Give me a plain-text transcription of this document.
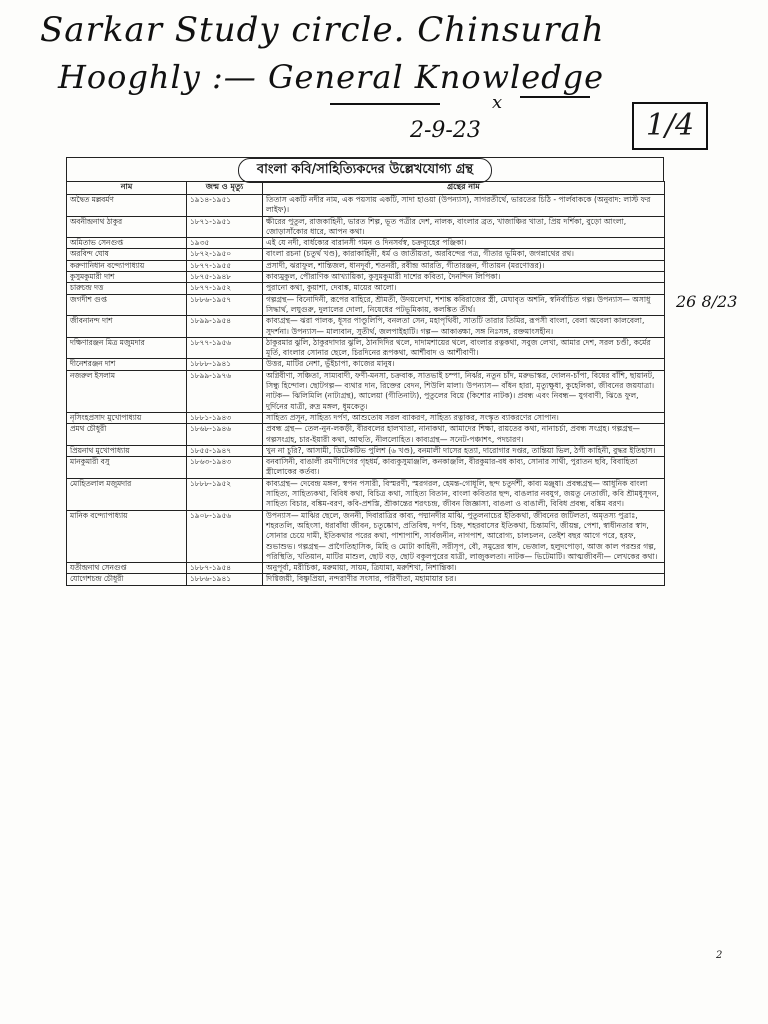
Sarkar Study circle. Chinsurah
Hooghly :— General Knowledge
x
2-9-23	1/4
26 8/23
বাংলা কবি/সাহিত্যিকদের উল্লেখযোগ্য গ্রন্থ
নাম	জন্ম ও মৃত্যু	গ্রন্থের নাম
অদ্বৈত মল্লবর্মণ	১৯১৪-১৯৫১	তিতাস একটি নদীর নাম, এক পয়সায় একটি, সাদা হাওয়া (উপন্যাস), সাগরতীর্থে, ভারতের চিঠি - পার্লবাককে (অনুবাদ: লাস্ট ফর লাইফ)।
অবনীন্দ্রনাথ ঠাকুর	১৮৭১-১৯৫১	ক্ষীরের পুতুল, রাজকাহিনী, ভারত শিল্প, ভূত পত্রীর দেশ, নালক, বাংলার ব্রত, খাজাঞ্চির খাতা, প্রিয় দর্শিকা, বুড়ো আংলা, জোড়াসাঁকোর ধারে, আপন কথা।
অমিতাভ সেনগুপ্ত	১৯৩৫	এই যে নদী, বার্ধক্যের বারানসী গমন ও দিনসর্বস্ব, চক্রব্যূহের পঞ্জিকা।
অরবিন্দ ঘোষ	১৮৭২-১৯৫০	বাংলা রচনা (চতুর্থ খণ্ড), কারাকাহিনী, ধর্ম ও জাতীয়তা, অরবিন্দের পত্র, গীতার ভূমিকা, জগন্নাথের রথ।
করুণানিধান বন্দ্যোপাধ্যায়	১৮৭৭-১৯৫৫	প্রসাদী, ঝরাফুল, শান্তিজল, ধানদূর্বা, শতনরী, রবীন্দ্র আরতি, গীতারঞ্জন, গীতায়ন (মরণোত্তর)।
কুসুমকুমারী দাশ	১৮৭৫-১৯৪৮	কাব্যমুকুল, পৌরাণিক আখ্যায়িকা, কুসুমকুমারী দাশের কবিতা, দৈনন্দিন লিপিকা।
চারুচন্দ্র দত্ত	১৮৭৭-১৯৫২	পুরানো কথা, কুয়াশা, দেবাঙ্ক, মায়ের আলো।
জগদীশ গুপ্ত	১৮৮৬-১৯৫৭	গল্পগ্রন্থ— বিনোদিনী, রূপের বাহিরে, শ্রীমতী, উদয়লেখা, শশাঙ্ক কবিরাজের স্ত্রী, মেঘাবৃত অশনি, স্বনির্বাচিত গল্প। উপন্যাস— অসাধু সিদ্ধার্থ, লঘুগুরু, দুলালের দোলা, নিষেধের পটভূমিকায়, কলঙ্কিত তীর্থ।
জীবনানন্দ দাশ	১৮৯৯-১৯৫৪	কাব্যগ্রন্থ— ঝরা পালক, ধূসর পাণ্ডুলিপি, বনলতা সেন, মহাপৃথিবী, সাতটি তারার তিমির, রূপসী বাংলা, বেলা অবেলা কালবেলা, সুদর্শনা। উপন্যাস— মাল্যবান, সুতীর্থ, জলপাইহাটি। গল্প— আকাঙ্ক্ষা, সঙ্গ নিঃসঙ্গ, রক্তমাংসহীন।
দক্ষিণারঞ্জন মিত্র মজুমদার	১৮৭৭-১৯৫৬	ঠাকুরমার ঝুলি, ঠাকুরদাদার ঝুলি, ঠানদিদির থলে, দাদামশায়ের থলে, বাংলার রত্নকথা, সবুজ লেখা, আমার দেশ, সরল চণ্ডী, কর্মের মূর্তি, বাংলার সোনার ছেলে, চিরদিনের রূপকথা, আর্শীবাদ ও আর্শীবাণী।
দীনেশরঞ্জন দাশ	১৮৮৮-১৯৪১	উত্তর, মাটির নেশা, ভুঁইচাপা, কাজের মানুষ।
নজরুল ইসলাম	১৮৯৯-১৯৭৬	অগ্নিবীণা, সঞ্চিতা, সাম্যবাদী, ফণী-মনসা, চক্রবাক, সাতভাই চম্পা, নির্ঝর, নতুন চাঁদ, মরুভাস্কর, দোলন-চাঁপা, বিষের বাঁশি, ছায়ানট, সিন্ধু হিন্দোল। ছোটগল্প— ব্যথার দান, রিক্তের বেদন, শিউলি মালা। উপন্যাস— বাঁধন হারা, মৃত্যুক্ষুধা, কুহেলিকা, জীবনের জয়যাত্রা। নাটক— ঝিলিমিলি (নাট্যগ্রন্থ), আলেয়া (গীতিনাট্য), পুতুলের বিয়ে (কিশোর নাটক)। প্রবন্ধ এবং নিবন্ধ— যুগবাণী, ঝিঙে ফুল, দুর্দিনের যাত্রী, রুদ্র মঙ্গল, ধূমকেতু।
নৃসিংহপ্রসাদ মুখোপাধ্যায়	১৮৮১-১৯৪৩	সাহিত্য প্রসূন, সাহিত্য দর্পণ, আশুতোষ সরল ব্যাকরণ, সাহিত্য রত্নাকর, সংস্কৃত ব্যাকরণের সোপান।
প্রমথ চৌধুরী	১৮৬৮-১৯৪৬	প্রবন্ধ গ্রন্থ— তেল-নুন-লকড়ী, বীরবলের হালখাতা, নানাকথা, আমাদের শিক্ষা, রায়তের কথা, নানাচর্চা, প্রবন্ধ সংগ্রহ। গল্পগ্রন্থ— গল্পসংগ্রহ, চার-ইয়ারী কথা, আহুতি, নীললোহিত। কাব্যগ্রন্থ— সনেট-পঞ্চাশৎ, পদচারণ।
প্রিয়নাথ মুখোপাধ্যায়	১৮৫৫-১৯৪৭	খুন না চুরি?, আসামী, ডিটেকটিভ পুলিশ (৬ খণ্ড), বনমালী দাসের হত্যা, দারোগার দপ্তর, তান্তিয়া ভিল, ঠগী কাহিনী, বুদ্ধর ইতিহাস।
মানকুমারী বসু	১৮৬৩-১৯৪৩	বনবাসিনী, বাঙালী রমণীদিগের গৃহধর্ম, কাব্যকুসুমাঞ্জলি, কনকাঞ্জলি, বীরকুমার-বধ কাব্য, সোনার সাথী, পুরাতন ছবি, বিবাহিতা স্ত্রীলোকের কর্তব্য।
মোহিতলাল মজুমদার	১৮৮৮-১৯৫২	কাব্যগ্রন্থ— দেবেন্দ্র মঙ্গল, স্বপন পসারী, বিস্মরণী, স্মরগরল, হেমন্ত-গোধূলি, ছন্দ চতুর্দশী, কাব্য মঞ্জুষা। প্রবন্ধগ্রন্থ— আধুনিক বাংলা সাহিত্য, সাহিত্যকথা, বিবিধ কথা, বিচিত্র কথা, সাহিত্য বিতান, বাংলা কবিতার ছন্দ, বাঙলার নবযুগ, জয়তু নেতাজী, কবি শ্রীমধুসূদন, সাহিত্য বিচার, বঙ্কিম-বরণ, কবি-প্রশস্তি, শ্রীকান্তের শরৎচন্দ্র, জীবন জিজ্ঞাসা, বাঙলা ও বাঙালী, বিবিধ প্রবন্ধ, বঙ্কিম বরণ।
মানিক বন্দ্যোপাধ্যায়	১৯০৮-১৯৫৬	উপন্যাস— মাঝির ছেলে, জননী, দিবারাত্রির কাব্য, পদ্মানদীর মাঝি, পুতুলনাচের ইতিকথা, জীবনের জটিলতা, অমৃতস্য পুত্রাঃ, শহরতলি, অহিংসা, ধরাবাঁধা জীবন, চতুষ্কোণ, প্রতিবিম্ব, দর্পণ, চিহ্ন, শহরবাসের ইতিকথা, চিন্তামণি, জীয়ন্ত, পেশা, স্বাধীনতার স্বাদ, সোনার চেয়ে দামী, ইতিকথার পরের কথা, পাশাপাশি, সার্বজনীন, নাগপাশ, আরোগ্য, চালচলন, তেইশ বছর আগে পরে, হরফ, শুভাশুভ। গল্পগ্রন্থ— প্রাগৈতিহাসিক, মিহি ও মোটা কাহিনী, সরীসৃপ, বৌ, সমুদ্রের স্বাদ, ভেজাল, হলুদপোড়া, আজ কাল পরশুর গল্প, পরিস্থিতি, খতিয়ান, মাটির মাশুল, ছোট বড়, ছোট বকুলপুরের যাত্রী, লাজুকলতা। নাটক— ভিটেমাটি। আত্মজীবনী— লেখকের কথা।
যতীন্দ্রনাথ সেনগুপ্ত	১৮৮৭-১৯৫৪	অনুপূর্বা, মরীচিকা, মরুমায়া, সায়ম, ত্রিযামা, মরুশিখা, নিশান্তিকা।
যোগেশচন্দ্র চৌধুরী	১৮৮৬-১৯৪১	দিগ্বিজয়ী, বিষ্ণুপ্রিয়া, নন্দরাণীর সংসার, পরিণীতা, মহামায়ার চর।
2
